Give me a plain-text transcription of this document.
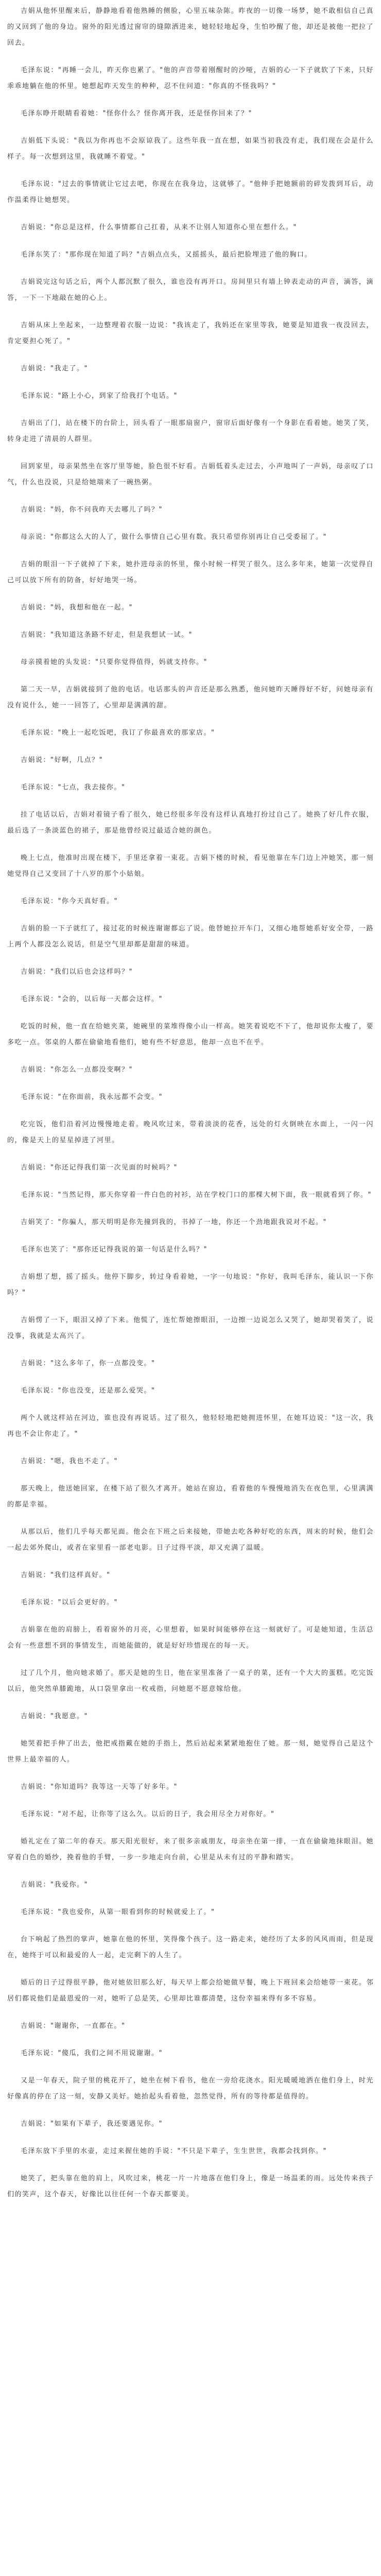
吉娟从他怀里醒来后，静静地看着他熟睡的侧脸，心里五味杂陈。昨夜的一切像一场梦，她不敢相信自己真的又回到了他的身边。窗外的阳光透过窗帘的缝隙洒进来，她轻轻地起身，生怕吵醒了他，却还是被他一把拉了回去。

毛泽东说："再睡一会儿，昨天你也累了。"他的声音带着刚醒时的沙哑，吉娟的心一下子就软了下来，只好乖乖地躺在他的怀里。她想起昨天发生的种种，忍不住问道："你真的不怪我吗？"

毛泽东睁开眼睛看着她："怪你什么？怪你离开我，还是怪你回来了？"

吉娟低下头说："我以为你再也不会原谅我了。这些年我一直在想，如果当初我没有走，我们现在会是什么样子。每一次想到这里，我就睡不着觉。"

毛泽东说："过去的事情就让它过去吧，你现在在我身边，这就够了。"他伸手把她额前的碎发拨到耳后，动作温柔得让她想哭。

吉娟说："你总是这样，什么事情都自己扛着，从来不让别人知道你心里在想什么。"

毛泽东笑了："那你现在知道了吗？"吉娟点点头，又摇摇头，最后把脸埋进了他的胸口。

吉娟说完这句话之后，两个人都沉默了很久，谁也没有再开口。房间里只有墙上钟表走动的声音，滴答，滴答，一下一下地敲在她的心上。

吉娟从床上坐起来，一边整理着衣服一边说："我该走了，我妈还在家里等我，她要是知道我一夜没回去，肯定要担心死了。"

吉娟说："我走了。"

毛泽东说："路上小心，到家了给我打个电话。"

吉娟出了门，站在楼下的台阶上，回头看了一眼那扇窗户，窗帘后面好像有一个身影在看着她。她笑了笑，转身走进了清晨的人群里。

回到家里，母亲果然坐在客厅里等她，脸色很不好看。吉娟低着头走过去，小声地叫了一声妈，母亲叹了口气，什么也没说，只是给她端来了一碗热粥。

吉娟说："妈，你不问我昨天去哪儿了吗？"

母亲说："你都这么大的人了，做什么事情自己心里有数。我只希望你别再让自己受委屈了。"

吉娟的眼泪一下子就掉了下来，她扑进母亲的怀里，像小时候一样哭了很久。这么多年来，她第一次觉得自己可以放下所有的防备，好好地哭一场。

吉娟说："妈，我想和他在一起。"

吉娟说："我知道这条路不好走，但是我想试一试。"

母亲摸着她的头发说："只要你觉得值得，妈就支持你。"

第二天一早，吉娟就接到了他的电话。电话那头的声音还是那么熟悉，他问她昨天睡得好不好，问她母亲有没有说什么，她一一回答了，心里却是满满的甜。

毛泽东说："晚上一起吃饭吧，我订了你最喜欢的那家店。"

吉娟说："好啊，几点？"

毛泽东说："七点，我去接你。"

挂了电话以后，吉娟对着镜子看了很久，她已经很多年没有这样认真地打扮过自己了。她换了好几件衣服，最后选了一条淡蓝色的裙子，那是他曾经说过最适合她的颜色。

晚上七点，他准时出现在楼下，手里还拿着一束花。吉娟下楼的时候，看见他靠在车门边上冲她笑，那一刻她觉得自己又变回了十八岁的那个小姑娘。

毛泽东说："你今天真好看。"

吉娟的脸一下子就红了，接过花的时候连谢谢都忘了说。他替她拉开车门，又细心地帮她系好安全带，一路上两个人都没怎么说话，但是空气里却都是甜甜的味道。

吉娟说："我们以后也会这样吗？"

毛泽东说："会的，以后每一天都会这样。"

吃饭的时候，他一直在给她夹菜，她碗里的菜堆得像小山一样高。她笑着说吃不下了，他却说你太瘦了，要多吃一点。邻桌的人都在偷偷地看他们，她有些不好意思，他却一点也不在乎。

吉娟说："你怎么一点都没变啊？"

毛泽东说："在你面前，我永远都不会变。"

吃完饭，他们沿着河边慢慢地走着。晚风吹过来，带着淡淡的花香，远处的灯火倒映在水面上，一闪一闪的，像是天上的星星掉进了河里。

吉娟说："你还记得我们第一次见面的时候吗？"

毛泽东说："当然记得，那天你穿着一件白色的衬衫，站在学校门口的那棵大树下面，我一眼就看到了你。"

吉娟笑了："你骗人，那天明明是你先撞到我的，书掉了一地，你还一个劲地跟我说对不起。"

毛泽东也笑了："那你还记得我说的第一句话是什么吗？"

吉娟想了想，摇了摇头。他停下脚步，转过身看着她，一字一句地说："你好，我叫毛泽东，能认识一下你吗？"

吉娟愣了一下，眼泪又掉了下来。他慌了，连忙帮她擦眼泪，一边擦一边说怎么又哭了，她却哭着笑了，说没事，我就是太高兴了。

吉娟说："这么多年了，你一点都没变。"

毛泽东说："你也没变，还是那么爱哭。"

两个人就这样站在河边，谁也没有再说话。过了很久，他轻轻地把她拥进怀里，在她耳边说："这一次，我再也不会让你走了。"

吉娟说："嗯，我也不走了。"

那天晚上，他送她回家，在楼下站了很久才离开。她站在窗边，看着他的车慢慢地消失在夜色里，心里满满的都是幸福。

从那以后，他们几乎每天都见面。他会在下班之后来接她，带她去吃各种好吃的东西，周末的时候，他们会一起去郊外爬山，或者在家里看一部老电影。日子过得平淡，却又充满了温暖。

吉娟说："我们这样真好。"

毛泽东说："以后会更好的。"

吉娟靠在他的肩膀上，看着窗外的月亮，心里想着，如果时间能够停在这一刻就好了。可是她知道，生活总会有一些意想不到的事情发生，而她能做的，就是好好珍惜现在的每一天。

过了几个月，他向她求婚了。那天是她的生日，他在家里准备了一桌子的菜，还有一个大大的蛋糕。吃完饭以后，他突然单膝跪地，从口袋里拿出一枚戒指，问她愿不愿意嫁给他。

吉娟说："我愿意。"

她哭着把手伸了出去，他把戒指戴在她的手指上，然后站起来紧紧地抱住了她。那一刻，她觉得自己是这个世界上最幸福的人。

吉娟说："你知道吗？我等这一天等了好多年。"

毛泽东说："对不起，让你等了这么久。以后的日子，我会用尽全力对你好。"

婚礼定在了第二年的春天。那天阳光很好，来了很多亲戚朋友，母亲坐在第一排，一直在偷偷地抹眼泪。她穿着白色的婚纱，挽着他的手臂，一步一步地走向台前，心里是从未有过的平静和踏实。

吉娟说："我爱你。"

毛泽东说："我也爱你，从第一眼看到你的时候就爱上了。"

台下响起了热烈的掌声，她靠在他的怀里，笑得像个孩子。这一路走来，她经历了太多的风风雨雨，但是现在，她终于可以和最爱的人一起，走完剩下的人生了。

婚后的日子过得很平静，他对她依旧那么好，每天早上都会给她做早餐，晚上下班回来会给她带一束花。邻居们都说他们是最恩爱的一对，她听了总是笑，心里却比谁都清楚，这份幸福来得有多不容易。

吉娟说："谢谢你，一直都在。"

毛泽东说："傻瓜，我们之间不用说谢谢。"

又是一年春天，院子里的桃花开了，她坐在树下看书，他在一旁给花浇水。阳光暖暖地洒在他们身上，时光好像真的停在了这一刻，安静又美好。她抬起头看着他，忽然觉得，所有的等待都是值得的。

吉娟说："如果有下辈子，我还要遇见你。"

毛泽东放下手里的水壶，走过来握住她的手说："不只是下辈子，生生世世，我都会找到你。"

她笑了，把头靠在他的肩上，风吹过来，桃花一片一片地落在他们身上，像是一场温柔的雨。远处传来孩子们的笑声，这个春天，好像比以往任何一个春天都要美。
